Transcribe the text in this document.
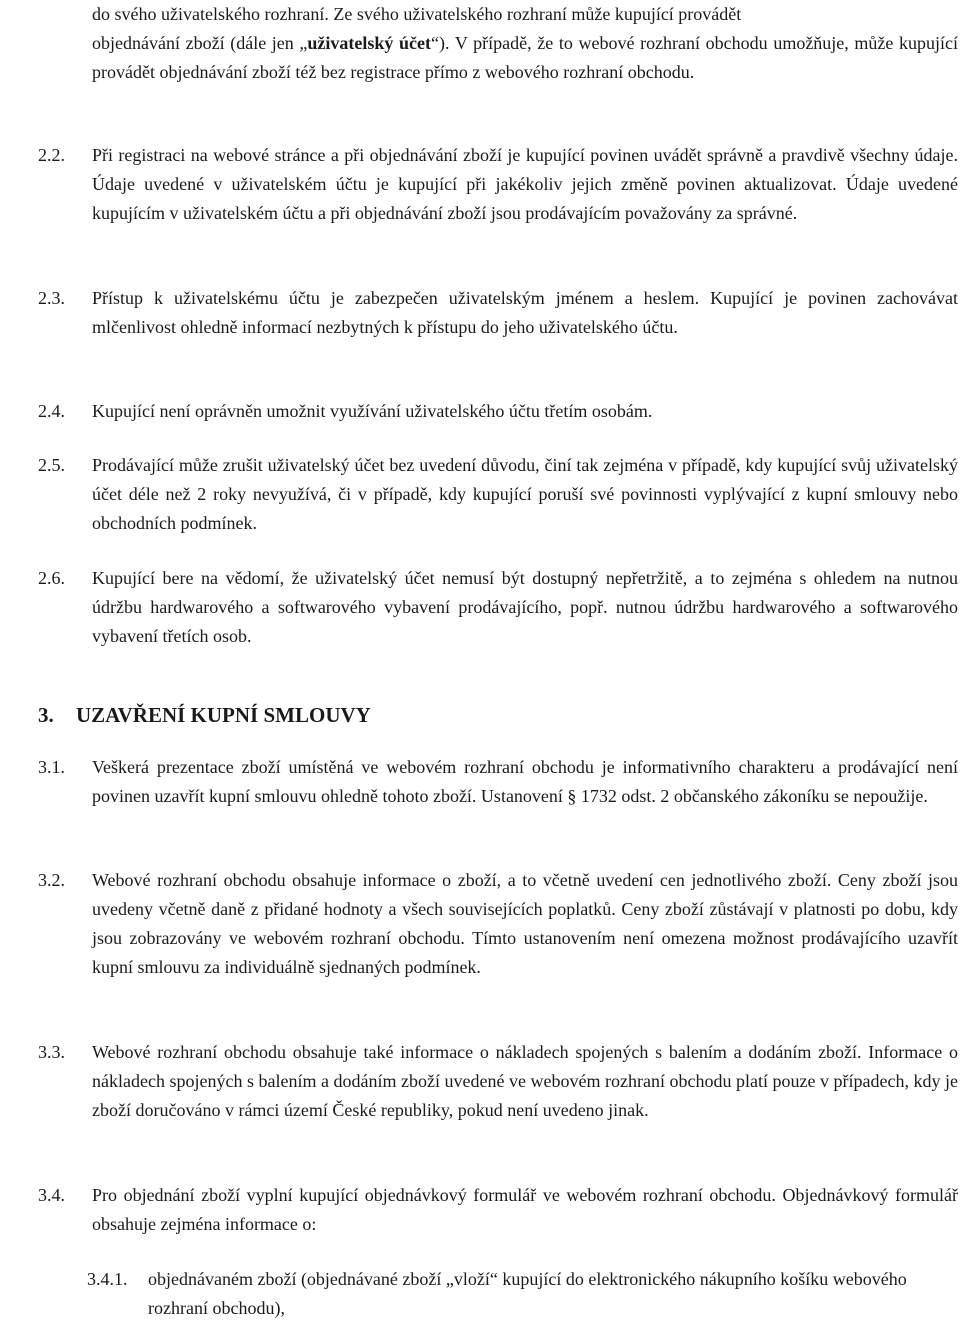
do svého uživatelského rozhraní. Ze svého uživatelského rozhraní může kupující provádět
objednávání zboží (dále jen „uživatelský účet“). V případě, že to webové rozhraní obchodu umožňuje, může kupující provádět objednávání zboží též bez registrace přímo z webového rozhraní obchodu.
2.2.	Při registraci na webové stránce a při objednávání zboží je kupující povinen uvádět správně a pravdivě všechny údaje. Údaje uvedené v uživatelském účtu je kupující při jakékoliv jejich změně povinen aktualizovat. Údaje uvedené kupujícím v uživatelském účtu a při objednávání zboží jsou prodávajícím považovány za správné.
2.3.	Přístup k uživatelskému účtu je zabezpečen uživatelským jménem a heslem. Kupující je povinen zachovávat mlčenlivost ohledně informací nezbytných k přístupu do jeho uživatelského účtu.
2.4.	Kupující není oprávněn umožnit využívání uživatelského účtu třetím osobám.
2.5.	Prodávající může zrušit uživatelský účet bez uvedení důvodu, činí tak zejména v případě, kdy kupující svůj uživatelský účet déle než 2 roky nevyužívá, či v případě, kdy kupující poruší své povinnosti vyplývající z kupní smlouvy nebo obchodních podmínek.
2.6.	Kupující bere na vědomí, že uživatelský účet nemusí být dostupný nepřetržitě, a to zejména s ohledem na nutnou údržbu hardwarového a softwarového vybavení prodávajícího, popř. nutnou údržbu hardwarového a softwarového vybavení třetích osob.
3. UZAVŘENÍ KUPNÍ SMLOUVY
3.1.	Veškerá prezentace zboží umístěná ve webovém rozhraní obchodu je informativního charakteru a prodávající není povinen uzavřít kupní smlouvu ohledně tohoto zboží. Ustanovení § 1732 odst. 2 občanského zákoníku se nepoužije.
3.2.	Webové rozhraní obchodu obsahuje informace o zboží, a to včetně uvedení cen jednotlivého zboží. Ceny zboží jsou uvedeny včetně daně z přidané hodnoty a všech souvisejících poplatků. Ceny zboží zůstávají v platnosti po dobu, kdy jsou zobrazovány ve webovém rozhraní obchodu. Tímto ustanovením není omezena možnost prodávajícího uzavřít kupní smlouvu za individuálně sjednaných podmínek.
3.3.	Webové rozhraní obchodu obsahuje také informace o nákladech spojených s balením a dodáním zboží. Informace o nákladech spojených s balením a dodáním zboží uvedené ve webovém rozhraní obchodu platí pouze v případech, kdy je zboží doručováno v rámci území České republiky, pokud není uvedeno jinak.
3.4.	Pro objednání zboží vyplní kupující objednávkový formulář ve webovém rozhraní obchodu. Objednávkový formulář obsahuje zejména informace o:
3.4.1.	objednávaném zboží (objednávané zboží „vloží“ kupující do elektronického nákupního košíku webového rozhraní obchodu),
